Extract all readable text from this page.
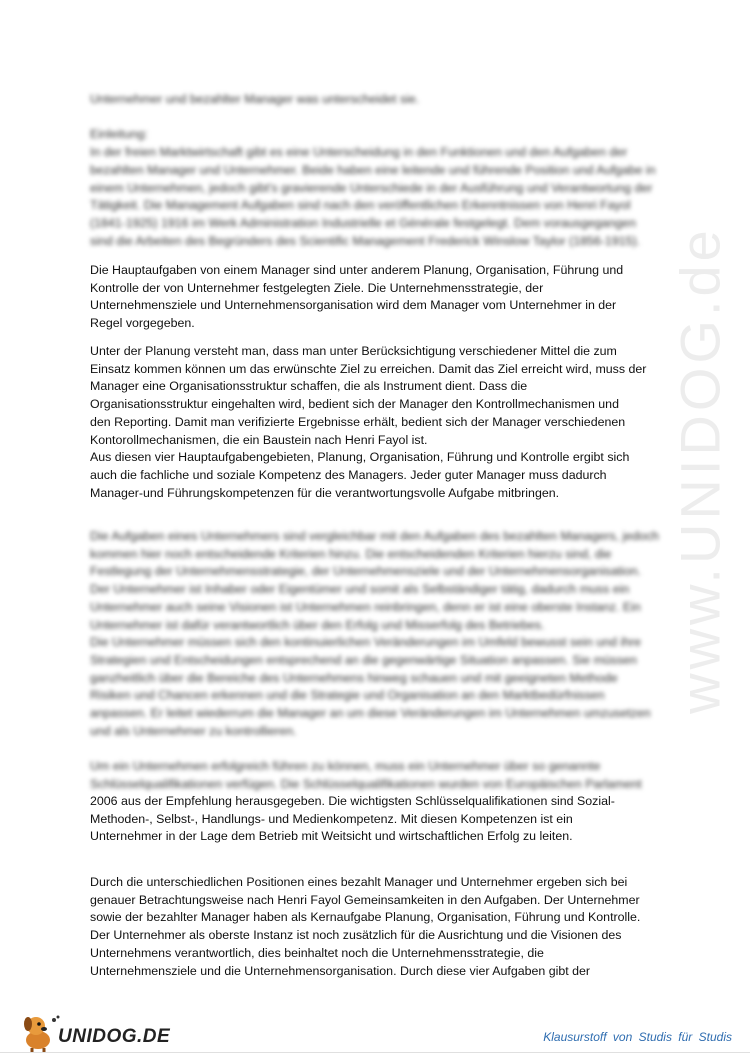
www.UNIDOG.de

Unternehmer und bezahlter Manager was unterscheidet sie.

Einleitung:
In der freien Marktwirtschaft gibt es eine Unterscheidung in den Funktionen und den Aufgaben der bezahlten Manager und Unternehmer. Beide haben eine leitende und führende Position und Aufgabe in einem Unternehmen, jedoch gibt's gravierende Unterschiede in der Ausführung und Verantwortung der Tätigkeit. Die Management Aufgaben sind nach den veröffentlichen Erkenntnissen von Henri Fayol (1841-1925) 1916 im Werk Administration Industrielle et Générale festgelegt. Dem vorausgegangen sind die Arbeiten des Begründers des Scientific Management Frederick Winslow Taylor (1856-1915).

Die Hauptaufgaben von einem Manager sind unter anderem Planung, Organisation, Führung und
Kontrolle der von Unternehmer festgelegten Ziele. Die Unternehmensstrategie, der
Unternehmensziele und Unternehmensorganisation wird dem Manager vom Unternehmer in der
Regel vorgegeben.

Unter der Planung versteht man, dass man unter Berücksichtigung verschiedener Mittel die zum
Einsatz kommen können um das erwünschte Ziel zu erreichen. Damit das Ziel erreicht wird, muss der
Manager eine Organisationsstruktur schaffen, die als Instrument dient. Dass die
Organisationsstruktur eingehalten wird, bedient sich der Manager den Kontrollmechanismen und
den Reporting. Damit man verifizierte Ergebnisse erhält, bedient sich der Manager verschiedenen
Kontorollmechanismen, die ein Baustein nach Henri Fayol ist.
Aus diesen vier Hauptaufgabengebieten, Planung, Organisation, Führung und Kontrolle ergibt sich
auch die fachliche und soziale Kompetenz des Managers. Jeder guter Manager muss dadurch
Manager-und Führungskompetenzen für die verantwortungsvolle Aufgabe mitbringen.

Die Aufgaben eines Unternehmers sind vergleichbar mit den Aufgaben des bezahlten Managers, jedoch kommen hier noch entscheidende Kriterien hinzu. Die entscheidenden Kriterien hierzu sind, die Festlegung der Unternehmensstrategie, der Unternehmensziele und der Unternehmensorganisation. Der Unternehmer ist Inhaber oder Eigentümer und somit als Selbständiger tätig, dadurch muss ein Unternehmer auch seine Visionen ist Unternehmen reinbringen, denn er ist eine oberste Instanz. Ein Unternehmer ist dafür verantwortlich über den Erfolg und Misserfolg des Betriebes.
Die Unternehmer müssen sich den kontinuierlichen Veränderungen im Umfeld bewusst sein und ihre Strategien und Entscheidungen entsprechend an die gegenwärtige Situation anpassen. Sie müssen ganzheitlich über die Bereiche des Unternehmens hinweg schauen und mit geeigneten Methode Risiken und Chancen erkennen und die Strategie und Organisation an den Marktbedürfnissen anpassen. Er leitet wiederrum die Manager an um diese Veränderungen im Unternehmen umzusetzen und als Unternehmer zu kontrollieren.

Um ein Unternehmen erfolgreich führen zu können, muss ein Unternehmer über so genannte Schlüsselqualifikationen verfügen. Die Schlüsselqualifikationen wurden von Europäischen Parlament

2006 aus der Empfehlung herausgegeben. Die wichtigsten Schlüsselqualifikationen sind Sozial-
Methoden-, Selbst-, Handlungs- und Medienkompetenz. Mit diesen Kompetenzen ist ein
Unternehmer in der Lage dem Betrieb mit Weitsicht und wirtschaftlichen Erfolg zu leiten.

Durch die unterschiedlichen Positionen eines bezahlt Manager und Unternehmer ergeben sich bei
genauer Betrachtungsweise nach Henri Fayol Gemeinsamkeiten in den Aufgaben. Der Unternehmer
sowie der bezahlter Manager haben als Kernaufgabe Planung, Organisation, Führung und Kontrolle.
Der Unternehmer als oberste Instanz ist noch zusätzlich für die Ausrichtung und die Visionen des
Unternehmens verantwortlich, dies beinhaltet noch die Unternehmensstrategie, die
Unternehmensziele und die Unternehmensorganisation. Durch diese vier Aufgaben gibt der

UNIDOG.DE	Klausurstoff von Studis für Studis
